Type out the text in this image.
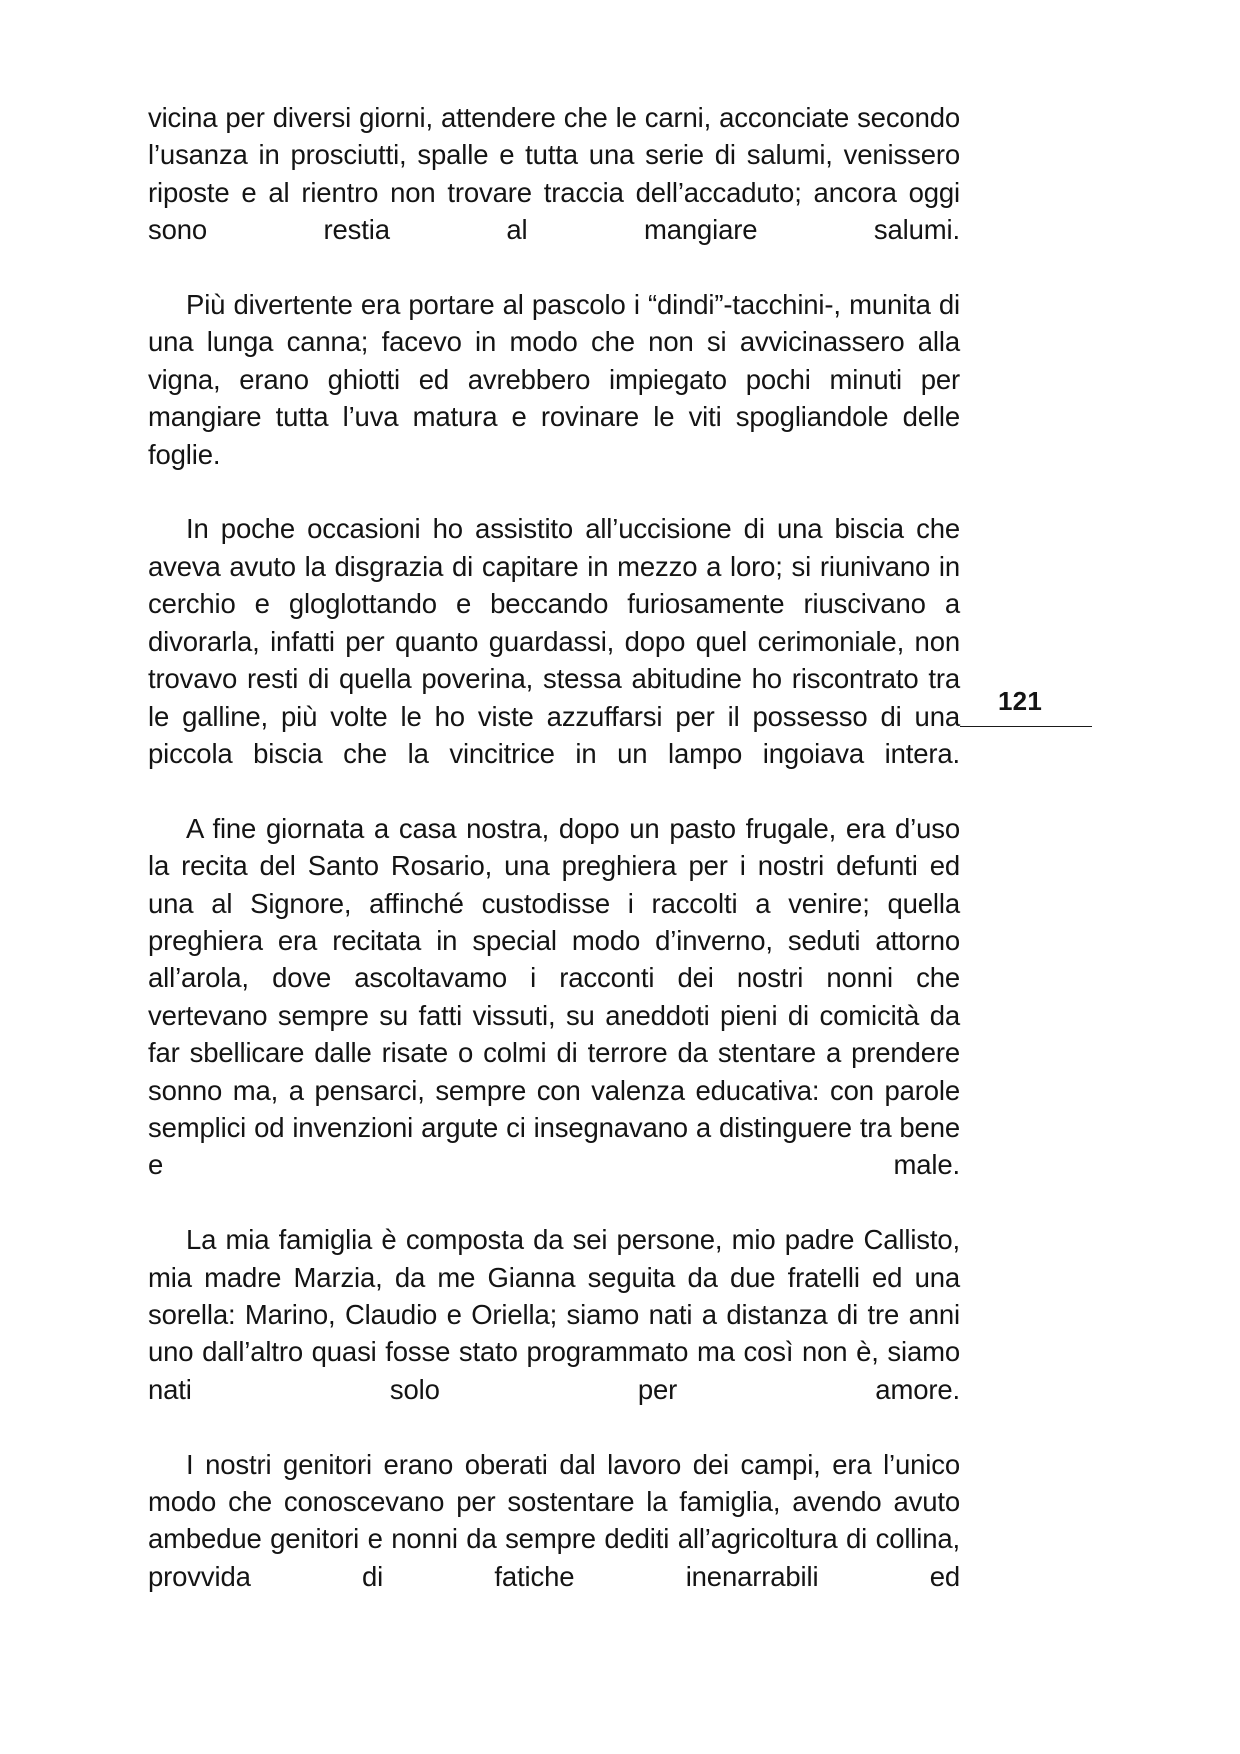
vicina per diversi giorni, attendere che le carni, acconciate secondo l’usanza in prosciutti, spalle e tutta una serie di salumi, venissero riposte e al rientro non trovare traccia dell’accaduto; ancora oggi sono restia al mangiare salumi.

Più divertente era portare al pascolo i “dindi”-tacchini-, munita di una lunga canna; facevo in modo che non si avvicinassero alla vigna, erano ghiotti ed avrebbero impiegato pochi minuti per mangiare tutta l’uva matura e rovinare le viti spogliandole delle foglie.

In poche occasioni ho assistito all’uccisione di una biscia che aveva avuto la disgrazia di capitare in mezzo a loro; si riunivano in cerchio e gloglottando e beccando furiosamente riuscivano a divorarla, infatti per quanto guardassi, dopo quel cerimoniale, non trovavo resti di quella poverina, stessa abitudine ho riscontrato tra le galline, più volte le ho viste azzuffarsi per il possesso di una piccola biscia che la vincitrice in un lampo ingoiava intera.

A fine giornata a casa nostra, dopo un pasto frugale, era d’uso la recita del Santo Rosario, una preghiera per i nostri defunti ed una al Signore, affinché custodisse i raccolti a venire; quella preghiera era recitata in special modo d’inverno, seduti attorno all’arola, dove ascoltavamo i racconti dei nostri nonni che vertevano sempre su fatti vissuti, su aneddoti pieni di comicità da far sbellicare dalle risate o colmi di terrore da stentare a prendere sonno ma, a pensarci, sempre con valenza educativa: con parole semplici od invenzioni argute ci insegnavano a distinguere tra bene e male.

La mia famiglia è composta da sei persone, mio padre Callisto, mia madre Marzia, da me Gianna seguita da due fratelli ed una sorella: Marino, Claudio e Oriella; siamo nati a distanza di tre anni uno dall’altro quasi fosse stato programmato ma così non è, siamo nati solo per amore.

I nostri genitori erano oberati dal lavoro dei campi, era l’unico modo che conoscevano per sostentare la famiglia, avendo avuto ambedue genitori e nonni da sempre dediti all’agricoltura di collina, provvida di fatiche inenarrabili ed

121
